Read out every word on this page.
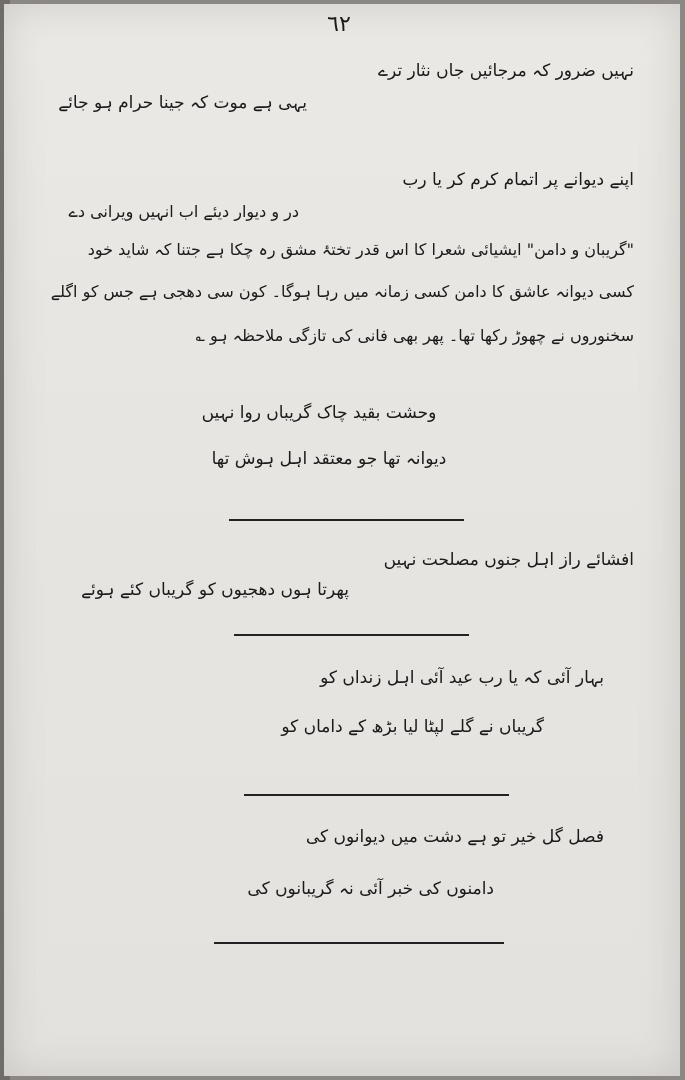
٦٢
نہیں ضرور کہ مرجائیں جاں نثار ترے
یہی ہے موت کہ جینا حرام ہو جائے
اپنے دیوانے پر اتمام کرم کر یا رب
در و دیوار دیئے اب انہیں ویرانی دے
"گریبان و دامن" ایشیائی شعرا کا اس قدر تختۂ مشق رہ چکا ہے جتنا کہ شاید خود
کسی دیوانہ عاشق کا دامن کسی زمانہ میں رہا ہوگا۔ کون سی دھجی ہے جس کو اگلے
سخنوروں نے چھوڑ رکھا تھا۔ پھر بھی فانی کی تازگی ملاحظہ ہو ؎
وحشت بقید چاک گریباں روا نہیں
دیوانہ تھا جو معتقد اہل ہوش تھا
افشائے راز اہل جنوں مصلحت نہیں
پھرتا ہوں دھجیوں کو گریباں کئے ہوئے
بہار آئی کہ یا رب عید آئی اہل زنداں کو
گریباں نے گلے لپٹا لیا بڑھ کے داماں کو
فصل گل خیر تو ہے دشت میں دیوانوں کی
دامنوں کی خبر آئی نہ گریبانوں کی
